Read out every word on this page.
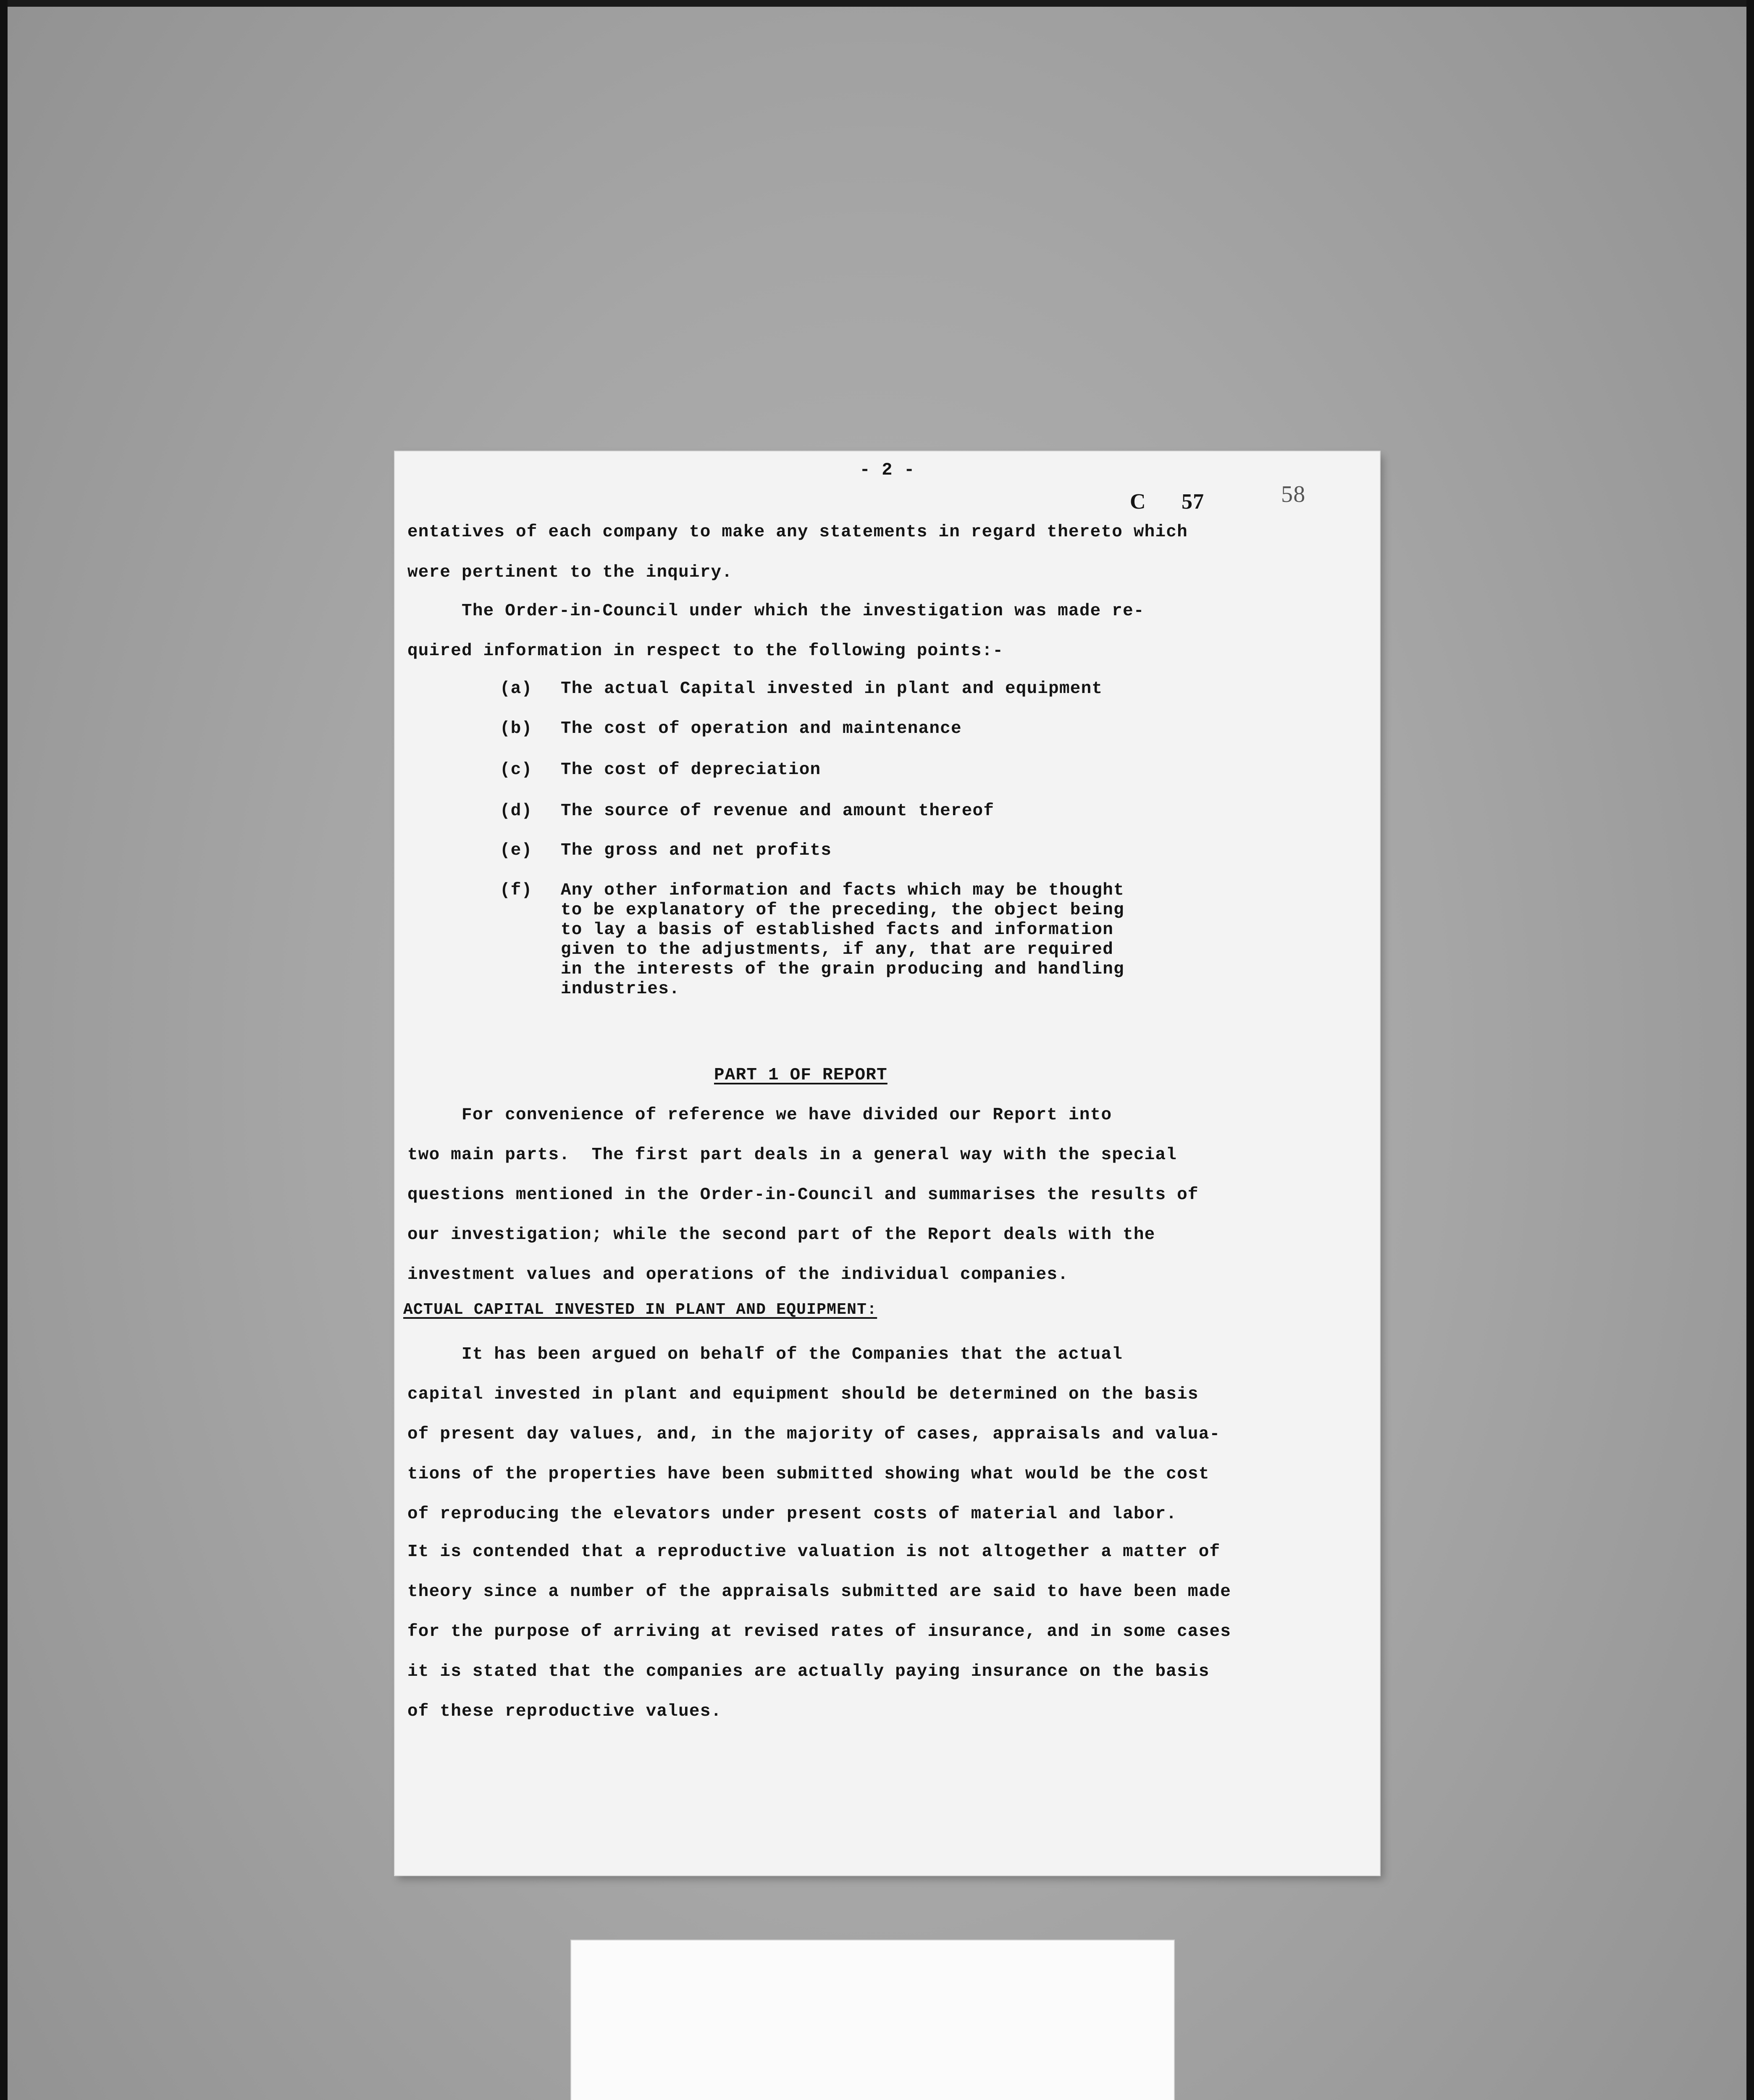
- 2 -
C 57	58
entatives of each company to make any statements in regard thereto which
were pertinent to the inquiry.
The Order-in-Council under which the investigation was made re-
quired information in respect to the following points:-
(a) The actual Capital invested in plant and equipment
(b) The cost of operation and maintenance
(c) The cost of depreciation
(d) The source of revenue and amount thereof
(e) The gross and net profits
(f) Any other information and facts which may be thought
to be explanatory of the preceding, the object being
to lay a basis of established facts and information
given to the adjustments, if any, that are required
in the interests of the grain producing and handling
industries.
PART 1 OF REPORT
For convenience of reference we have divided our Report into
two main parts.  The first part deals in a general way with the special
questions mentioned in the Order-in-Council and summarises the results of
our investigation; while the second part of the Report deals with the
investment values and operations of the individual companies.
ACTUAL CAPITAL INVESTED IN PLANT AND EQUIPMENT:
It has been argued on behalf of the Companies that the actual
capital invested in plant and equipment should be determined on the basis
of present day values, and, in the majority of cases, appraisals and valua-
tions of the properties have been submitted showing what would be the cost
of reproducing the elevators under present costs of material and labor.
It is contended that a reproductive valuation is not altogether a matter of
theory since a number of the appraisals submitted are said to have been made
for the purpose of arriving at revised rates of insurance, and in some cases
it is stated that the companies are actually paying insurance on the basis
of these reproductive values.
